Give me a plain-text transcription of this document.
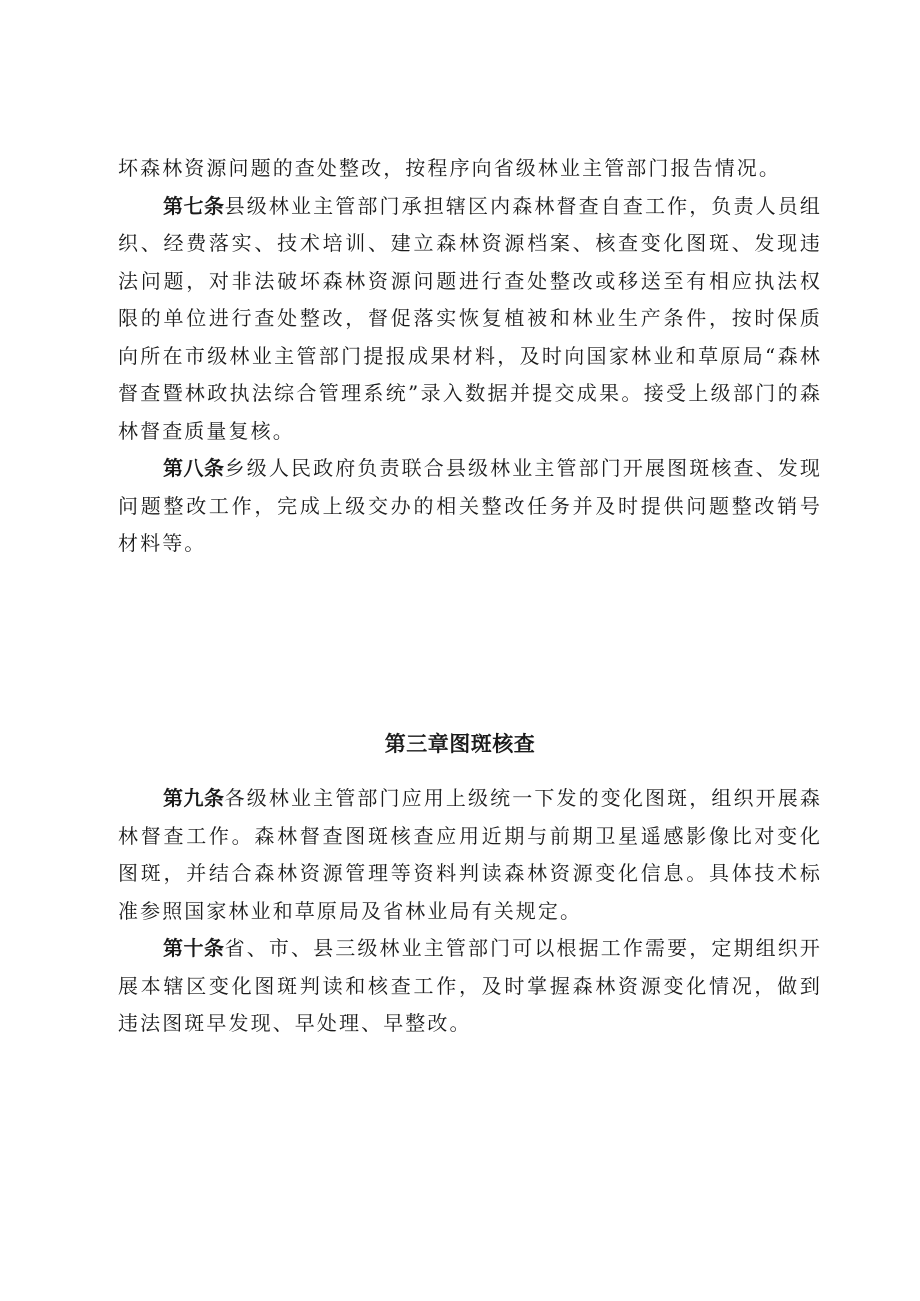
坏森林资源问题的查处整改，按程序向省级林业主管部门报告情况。

第七条县级林业主管部门承担辖区内森林督查自查工作，负责人员组织、经费落实、技术培训、建立森林资源档案、核查变化图斑、发现违法问题，对非法破坏森林资源问题进行查处整改或移送至有相应执法权限的单位进行查处整改，督促落实恢复植被和林业生产条件，按时保质向所在市级林业主管部门提报成果材料，及时向国家林业和草原局“森林督查暨林政执法综合管理系统”录入数据并提交成果。接受上级部门的森林督查质量复核。

第八条乡级人民政府负责联合县级林业主管部门开展图斑核查、发现问题整改工作，完成上级交办的相关整改任务并及时提供问题整改销号材料等。

第三章图斑核查

第九条各级林业主管部门应用上级统一下发的变化图斑，组织开展森林督查工作。森林督查图斑核查应用近期与前期卫星遥感影像比对变化图斑，并结合森林资源管理等资料判读森林资源变化信息。具体技术标准参照国家林业和草原局及省林业局有关规定。

第十条省、市、县三级林业主管部门可以根据工作需要，定期组织开展本辖区变化图斑判读和核查工作，及时掌握森林资源变化情况，做到违法图斑早发现、早处理、早整改。
